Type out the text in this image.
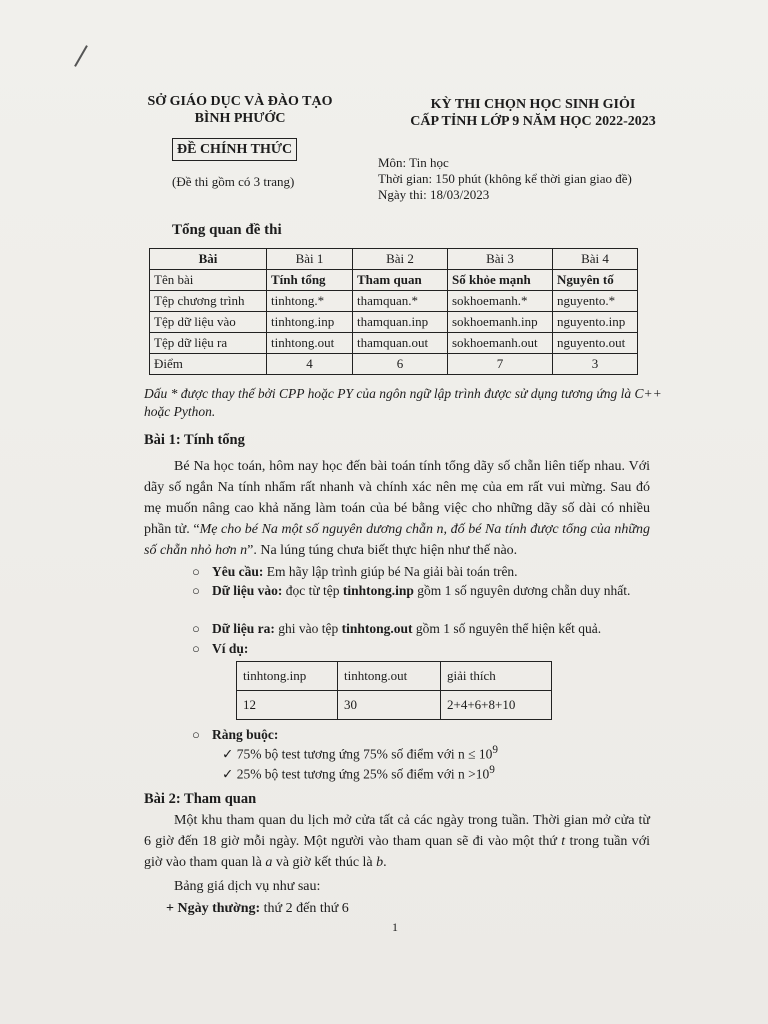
SỞ GIÁO DỤC VÀ ĐÀO TẠO
BÌNH PHƯỚC
KỲ THI CHỌN HỌC SINH GIỎI
CẤP TỈNH LỚP 9 NĂM HỌC 2022-2023
ĐỀ CHÍNH THỨC
(Đề thi gồm có 3 trang)
Môn: Tin học
Thời gian: 150 phút (không kể thời gian giao đề)
Ngày thi: 18/03/2023
Tổng quan đề thi
Bài	Bài 1	Bài 2	Bài 3	Bài 4
Tên bài	Tính tổng	Tham quan	Số khỏe mạnh	Nguyên tố
Tệp chương trình	tinhtong.*	thamquan.*	sokhoemanh.*	nguyento.*
Tệp dữ liệu vào	tinhtong.inp	thamquan.inp	sokhoemanh.inp	nguyento.inp
Tệp dữ liệu ra	tinhtong.out	thamquan.out	sokhoemanh.out	nguyento.out
Điểm	4	6	7	3
Dấu * được thay thế bởi CPP hoặc PY của ngôn ngữ lập trình được sử dụng tương ứng là C++ hoặc Python.
Bài 1: Tính tổng
Bé Na học toán, hôm nay học đến bài toán tính tổng dãy số chẵn liên tiếp nhau. Với dãy số ngắn Na tính nhẩm rất nhanh và chính xác nên mẹ của em rất vui mừng. Sau đó mẹ muốn nâng cao khả năng làm toán của bé bằng việc cho những dãy số dài có nhiều phần tử. “Mẹ cho bé Na một số nguyên dương chẵn n, đố bé Na tính được tổng của những số chẵn nhỏ hơn n”. Na lúng túng chưa biết thực hiện như thế nào.
○ Yêu cầu: Em hãy lập trình giúp bé Na giải bài toán trên.
○ Dữ liệu vào: đọc từ tệp tinhtong.inp gồm 1 số nguyên dương chẵn duy nhất.
○ Dữ liệu ra: ghi vào tệp tinhtong.out gồm 1 số nguyên thể hiện kết quả.
○ Ví dụ:
tinhtong.inp	tinhtong.out	giải thích
12	30	2+4+6+8+10
○ Ràng buộc:
✓ 75% bộ test tương ứng 75% số điểm với $n \le 10^9$
✓ 25% bộ test tương ứng 25% số điểm với $n >10^9$
Bài 2: Tham quan
Một khu tham quan du lịch mở cửa tất cả các ngày trong tuần. Thời gian mở cửa từ 6 giờ đến 18 giờ mỗi ngày. Một người vào tham quan sẽ đi vào một thứ t trong tuần với giờ vào tham quan là a và giờ kết thúc là b.
Bảng giá dịch vụ như sau:
+ Ngày thường: thứ 2 đến thứ 6
1
